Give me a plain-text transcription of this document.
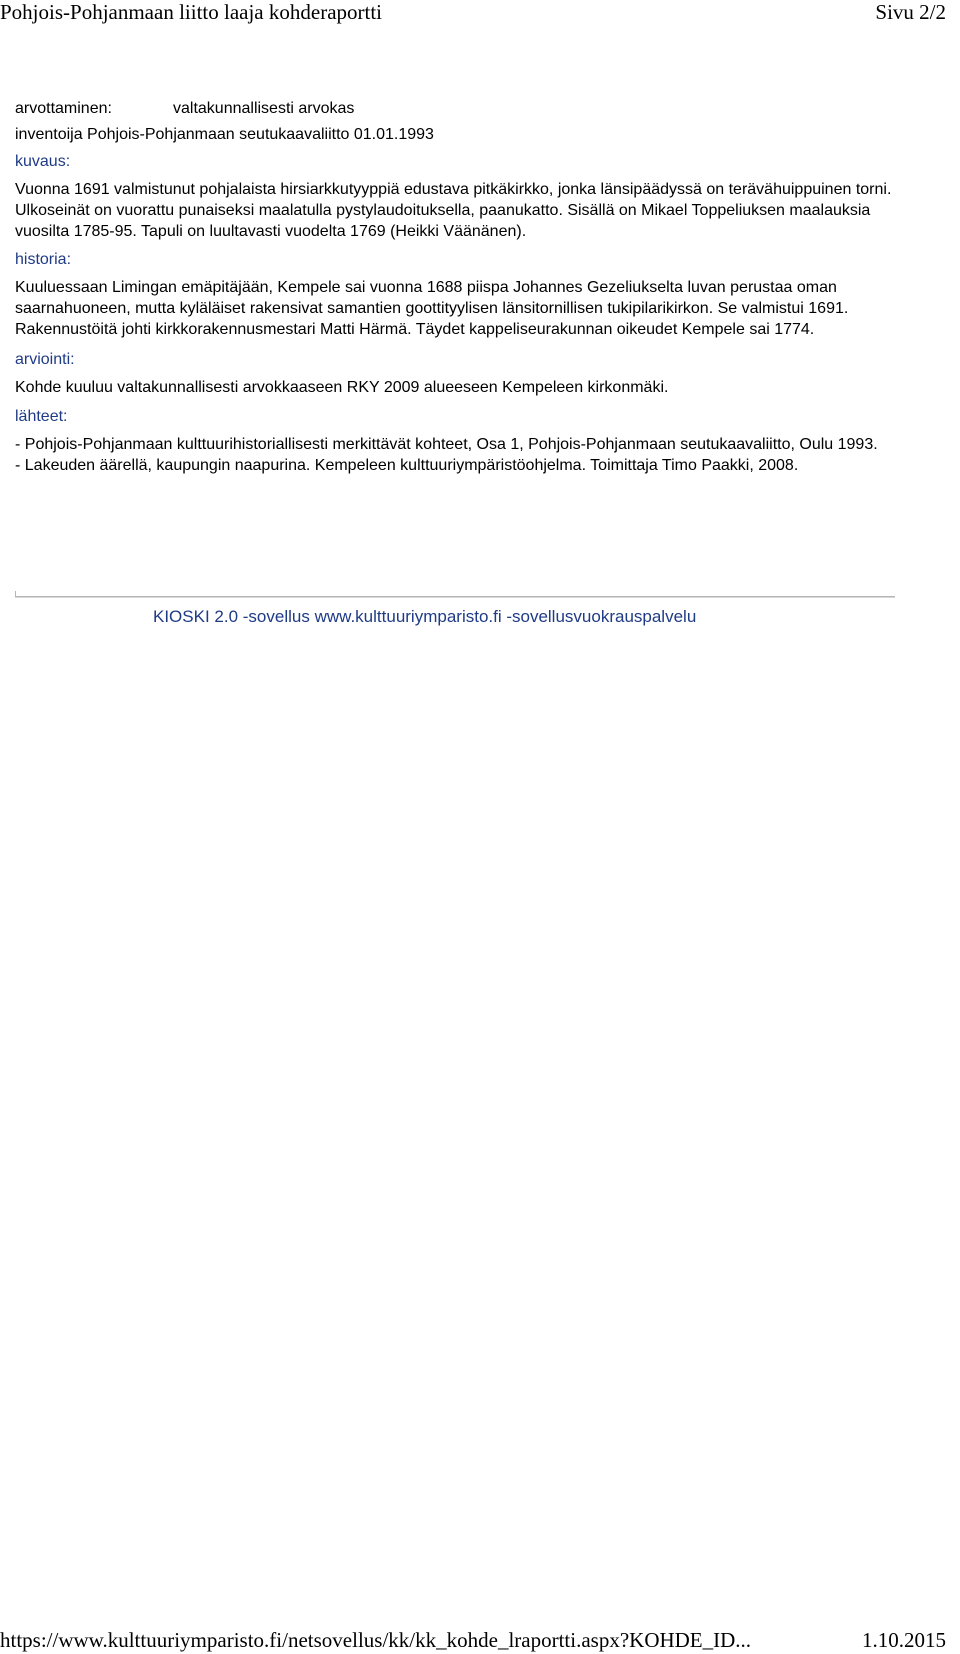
Pohjois-Pohjanmaan liitto laaja kohderaportti	Sivu 2/2
arvottaminen:	valtakunnallisesti arvokas
inventoija Pohjois-Pohjanmaan seutukaavaliitto 01.01.1993
kuvaus:
Vuonna 1691 valmistunut pohjalaista hirsiarkkutyyppiä edustava pitkäkirkko, jonka länsipäädyssä on terävähuippuinen torni. Ulkoseinät on vuorattu punaiseksi maalatulla pystylaudoituksella, paanukatto. Sisällä on Mikael Toppeliuksen maalauksia vuosilta 1785-95. Tapuli on luultavasti vuodelta 1769 (Heikki Väänänen).
historia:
Kuuluessaan Limingan emäpitäjään, Kempele sai vuonna 1688 piispa Johannes Gezeliukselta luvan perustaa oman saarnahuoneen, mutta kyläläiset rakensivat samantien goottityylisen länsitornillisen tukipilarikirkon. Se valmistui 1691. Rakennustöitä johti kirkkorakennusmestari Matti Härmä. Täydet kappeliseurakunnan oikeudet Kempele sai 1774.
arviointi:
Kohde kuuluu valtakunnallisesti arvokkaaseen RKY 2009 alueeseen Kempeleen kirkonmäki.
lähteet:
- Pohjois-Pohjanmaan kulttuurihistoriallisesti merkittävät kohteet, Osa 1, Pohjois-Pohjanmaan seutukaavaliitto, Oulu 1993.
- Lakeuden äärellä, kaupungin naapurina. Kempeleen kulttuuriympäristöohjelma. Toimittaja Timo Paakki, 2008.
KIOSKI 2.0 -sovellus www.kulttuuriymparisto.fi -sovellusvuokrauspalvelu
https://www.kulttuuriymparisto.fi/netsovellus/kk/kk_kohde_lraportti.aspx?KOHDE_ID...	1.10.2015
